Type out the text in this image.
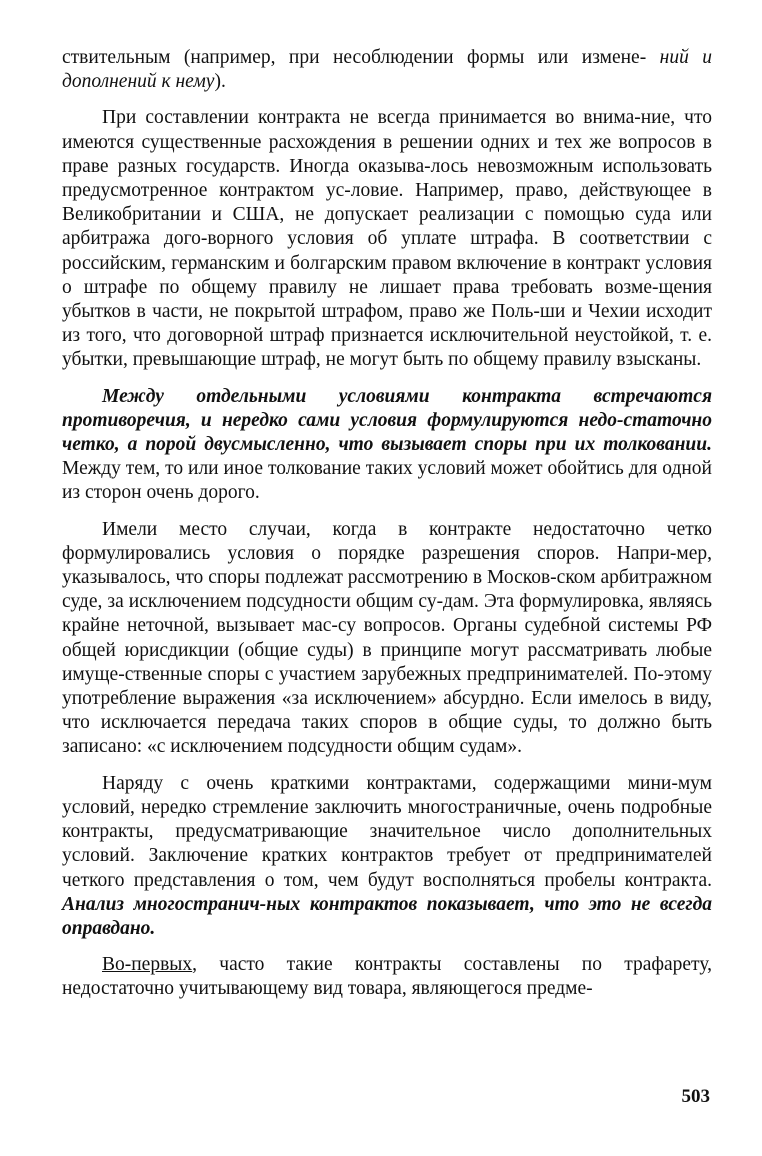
ствительным (например, при несоблюдении формы или измене- ний и дополнений к нему).

При составлении контракта не всегда принимается во внима-ние, что имеются существенные расхождения в решении одних и тех же вопросов в праве разных государств. Иногда оказыва-лось невозможным использовать предусмотренное контрактом ус-ловие. Например, право, действующее в Великобритании и США, не допускает реализации с помощью суда или арбитража дого-ворного условия об уплате штрафа. В соответствии с российским, германским и болгарским правом включение в контракт условия о штрафе по общему правилу не лишает права требовать возме-щения убытков в части, не покрытой штрафом, право же Поль-ши и Чехии исходит из того, что договорной штраф признается исключительной неустойкой, т. е. убытки, превышающие штраф, не могут быть по общему правилу взысканы.

Между отдельными условиями контракта встречаются противоречия, и нередко сами условия формулируются недо-статочно четко, а порой двусмысленно, что вызывает споры при их толковании. Между тем, то или иное толкование таких условий может обойтись для одной из сторон очень дорого.

Имели место случаи, когда в контракте недостаточно четко формулировались условия о порядке разрешения споров. Напри-мер, указывалось, что споры подлежат рассмотрению в Москов-ском арбитражном суде, за исключением подсудности общим су-дам. Эта формулировка, являясь крайне неточной, вызывает мас-су вопросов. Органы судебной системы РФ общей юрисдикции (общие суды) в принципе могут рассматривать любые имуще-ственные споры с участием зарубежных предпринимателей. По-этому употребление выражения «за исключением» абсурдно. Если имелось в виду, что исключается передача таких споров в общие суды, то должно быть записано: «с исключением подсудности общим судам».

Наряду с очень краткими контрактами, содержащими мини-мум условий, нередко стремление заключить многостраничные, очень подробные контракты, предусматривающие значительное число дополнительных условий. Заключение кратких контрактов требует от предпринимателей четкого представления о том, чем будут восполняться пробелы контракта. Анализ многостранич-ных контрактов показывает, что это не всегда оправдано.

Во-первых, часто такие контракты составлены по трафарету, недостаточно учитывающему вид товара, являющегося предме-

503
